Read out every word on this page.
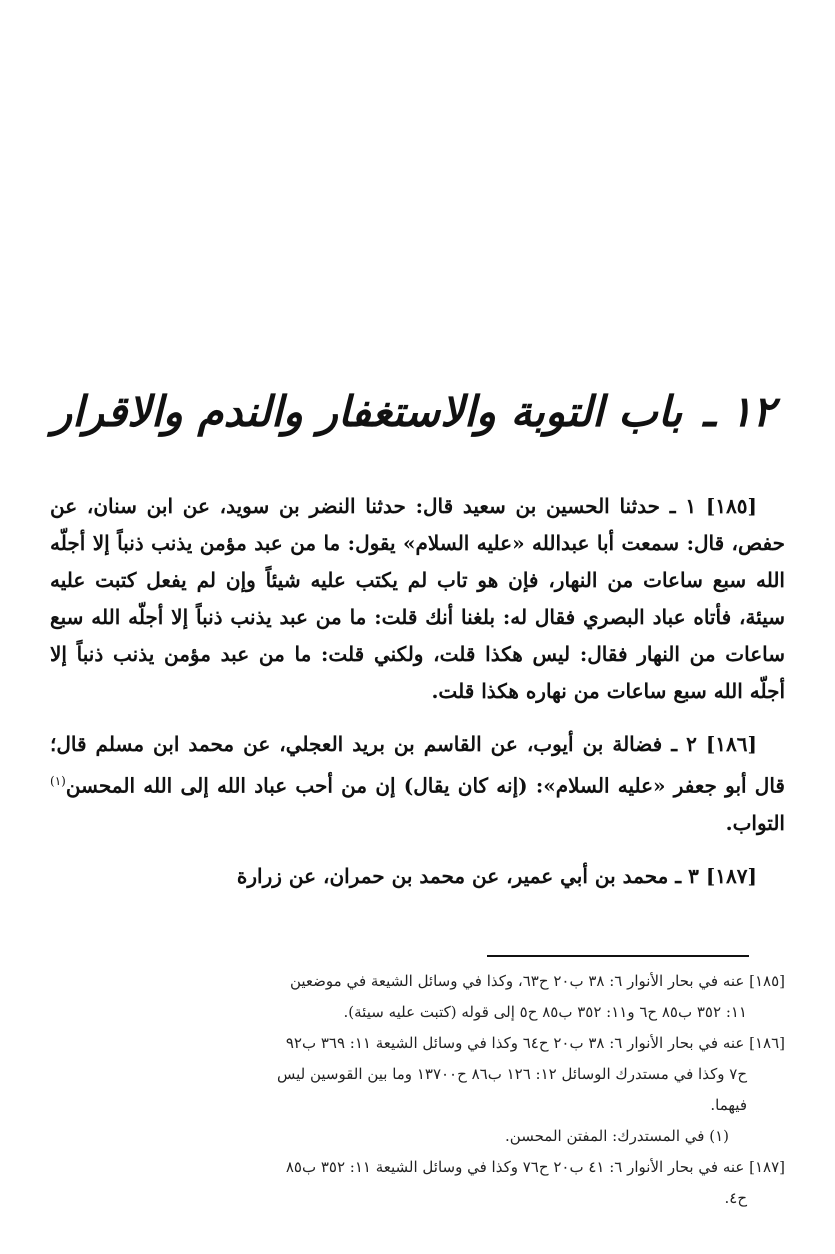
١٢ ـ باب التوبة والاستغفار والندم والاقرار

[١٨٥] ١ ـ حدثنا الحسين بن سعيد قال: حدثنا النضر بن سويد، عن ابن سنان، عن حفص، قال: سمعت أبا عبدالله «عليه السلام» يقول: ما من عبد مؤمن يذنب ذنباً إلا أجلّه الله سبع ساعات من النهار، فإن هو تاب لم يكتب عليه شيئاً وإن لم يفعل كتبت عليه سيئة، فأتاه عباد البصري فقال له: بلغنا أنك قلت: ما من عبد يذنب ذنباً إلا أجلّه الله سبع ساعات من النهار فقال: ليس هكذا قلت، ولكني قلت: ما من عبد مؤمن يذنب ذنباً إلا أجلّه الله سبع ساعات من نهاره هكذا قلت.

[١٨٦] ٢ ـ فضالة بن أيوب، عن القاسم بن بريد العجلي، عن محمد ابن مسلم قال؛ قال أبو جعفر «عليه السلام»: (إنه كان يقال) إن من أحب عباد الله إلى الله المحسن$^{(١)}$ التواب.

[١٨٧] ٣ ـ محمد بن أبي عمير، عن محمد بن حمران، عن زرارة

[١٨٥] عنه في بحار الأنوار ٦: ٣٨ ب٢٠ ح٦٣، وكذا في وسائل الشيعة في موضعين

١١: ٣٥٢ ب٨٥ ح٦ و١١: ٣٥٢ ب٨٥ ح٥ إلى قوله (كتبت عليه سيئة).

[١٨٦] عنه في بحار الأنوار ٦: ٣٨ ب٢٠ ح٦٤ وكذا في وسائل الشيعة ١١: ٣٦٩ ب٩٢

ح٧ وكذا في مستدرك الوسائل ١٢: ١٢٦ ب٨٦ ح١٣٧٠٠ وما بين القوسين ليس

فيهما.

(١) في المستدرك: المفتن المحسن.

[١٨٧] عنه في بحار الأنوار ٦: ٤١ ب٢٠ ح٧٦ وكذا في وسائل الشيعة ١١: ٣٥٢ ب٨٥

ح٤.
